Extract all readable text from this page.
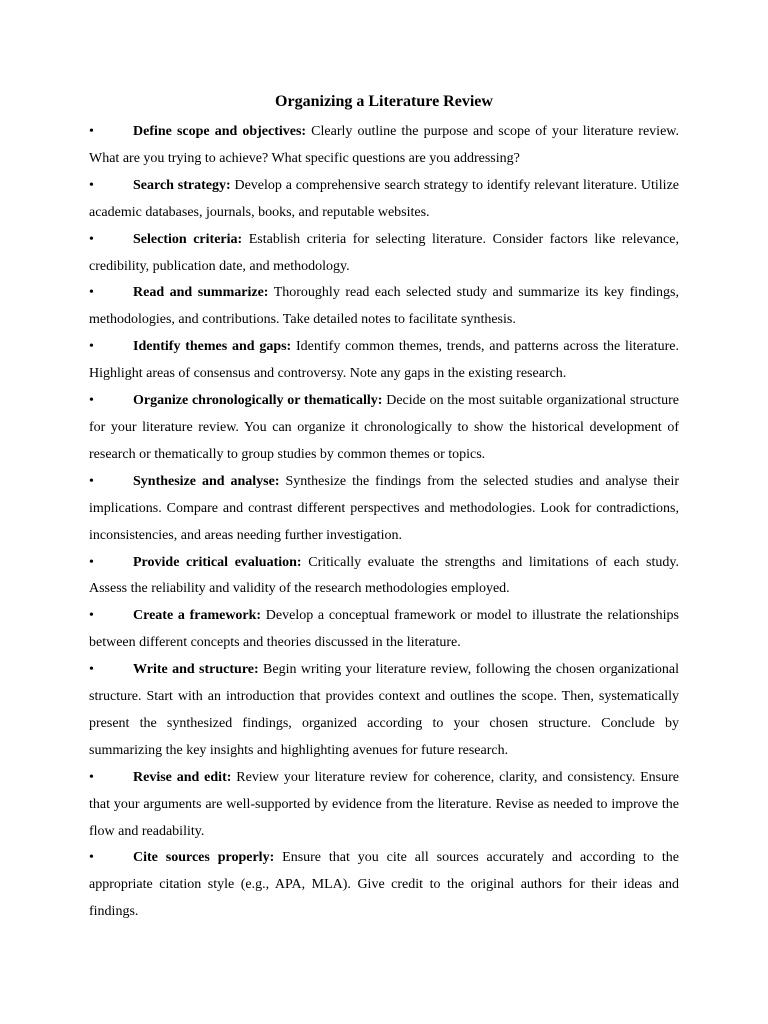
Organizing a Literature Review
•	Define scope and objectives: Clearly outline the purpose and scope of your literature review. What are you trying to achieve? What specific questions are you addressing?
•	Search strategy: Develop a comprehensive search strategy to identify relevant literature. Utilize academic databases, journals, books, and reputable websites.
•	Selection criteria: Establish criteria for selecting literature. Consider factors like relevance, credibility, publication date, and methodology.
•	Read and summarize: Thoroughly read each selected study and summarize its key findings, methodologies, and contributions. Take detailed notes to facilitate synthesis.
•	Identify themes and gaps: Identify common themes, trends, and patterns across the literature. Highlight areas of consensus and controversy. Note any gaps in the existing research.
•	Organize chronologically or thematically: Decide on the most suitable organizational structure for your literature review. You can organize it chronologically to show the historical development of research or thematically to group studies by common themes or topics.
•	Synthesize and analyse: Synthesize the findings from the selected studies and analyse their implications. Compare and contrast different perspectives and methodologies. Look for contradictions, inconsistencies, and areas needing further investigation.
•	Provide critical evaluation: Critically evaluate the strengths and limitations of each study. Assess the reliability and validity of the research methodologies employed.
•	Create a framework: Develop a conceptual framework or model to illustrate the relationships between different concepts and theories discussed in the literature.
•	Write and structure: Begin writing your literature review, following the chosen organizational structure. Start with an introduction that provides context and outlines the scope. Then, systematically present the synthesized findings, organized according to your chosen structure. Conclude by summarizing the key insights and highlighting avenues for future research.
•	Revise and edit: Review your literature review for coherence, clarity, and consistency. Ensure that your arguments are well-supported by evidence from the literature. Revise as needed to improve the flow and readability.
•	Cite sources properly: Ensure that you cite all sources accurately and according to the appropriate citation style (e.g., APA, MLA). Give credit to the original authors for their ideas and findings.
